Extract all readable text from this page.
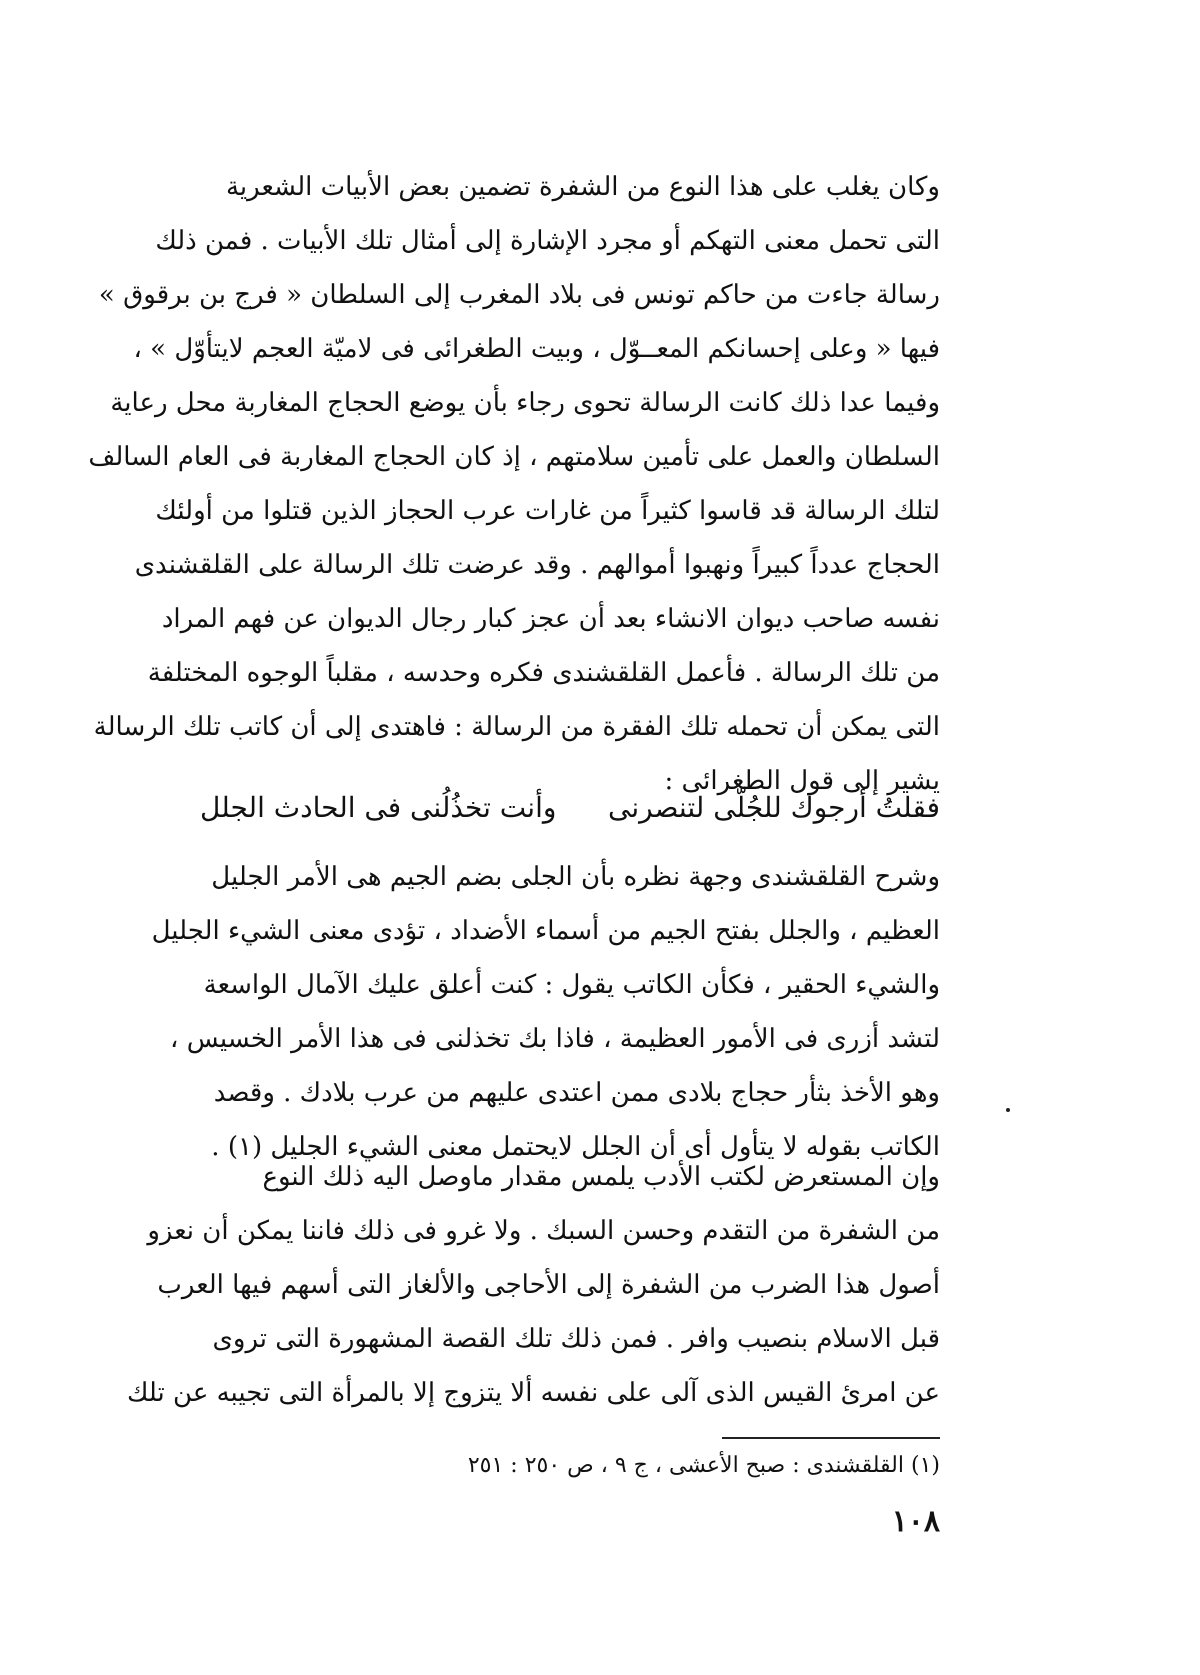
وكان يغلب على هذا النوع من الشفرة تضمين بعض الأبيات الشعرية
التى تحمل معنى التهكم أو مجرد الإشارة إلى أمثال تلك الأبيات . فمن ذلك
رسالة جاءت من حاكم تونس فى بلاد المغرب إلى السلطان « فرج بن برقوق »
فيها « وعلى إحسانكم المعــوّل ، وبيت الطغرائى فى لاميّة العجم لايتأوّل » ،
وفيما عدا ذلك كانت الرسالة تحوى رجاء بأن يوضع الحجاج المغاربة محل رعاية
السلطان والعمل على تأمين سلامتهم ، إذ كان الحجاج المغاربة فى العام السالف
لتلك الرسالة قد قاسوا كثيراً من غارات عرب الحجاز الذين قتلوا من أولئك
الحجاج عدداً كبيراً ونهبوا أموالهم . وقد عرضت تلك الرسالة على القلقشندى
نفسه صاحب ديوان الانشاء بعد أن عجز كبار رجال الديوان عن فهم المراد
من تلك الرسالة . فأعمل القلقشندى فكره وحدسه ، مقلباً الوجوه المختلفة
التى يمكن أن تحمله تلك الفقرة من الرسالة : فاهتدى إلى أن كاتب تلك الرسالة
يشير إلى قول الطغرائى :
فقلتُ أرجوك للجُلّى لتنصرنى
وأنت تخذُلُنى فى الحادث الجلل
وشرح القلقشندى وجهة نظره بأن الجلى بضم الجيم هى الأمر الجليل
العظيم ، والجلل بفتح الجيم من أسماء الأضداد ، تؤدى معنى الشيء الجليل
والشيء الحقير ، فكأن الكاتب يقول : كنت أعلق عليك الآمال الواسعة
لتشد أزرى فى الأمور العظيمة ، فاذا بك تخذلنى فى هذا الأمر الخسيس ،
وهو الأخذ بثأر حجاج بلادى ممن اعتدى عليهم من عرب بلادك . وقصد
الكاتب بقوله لا يتأول أى أن الجلل لايحتمل معنى الشيء الجليل (١) .
وإن المستعرض لكتب الأدب يلمس مقدار ماوصل اليه ذلك النوع
من الشفرة من التقدم وحسن السبك . ولا غرو فى ذلك فاننا يمكن أن نعزو
أصول هذا الضرب من الشفرة إلى الأحاجى والألغاز التى أسهم فيها العرب
قبل الاسلام بنصيب وافر . فمن ذلك تلك القصة المشهورة التى تروى
عن امرئ القيس الذى آلى على نفسه ألا يتزوج إلا بالمرأة التى تجيبه عن تلك
(١) القلقشندى : صبح الأعشى ، ج ٩ ، ص ٢٥٠ : ٢٥١
١٠٨
